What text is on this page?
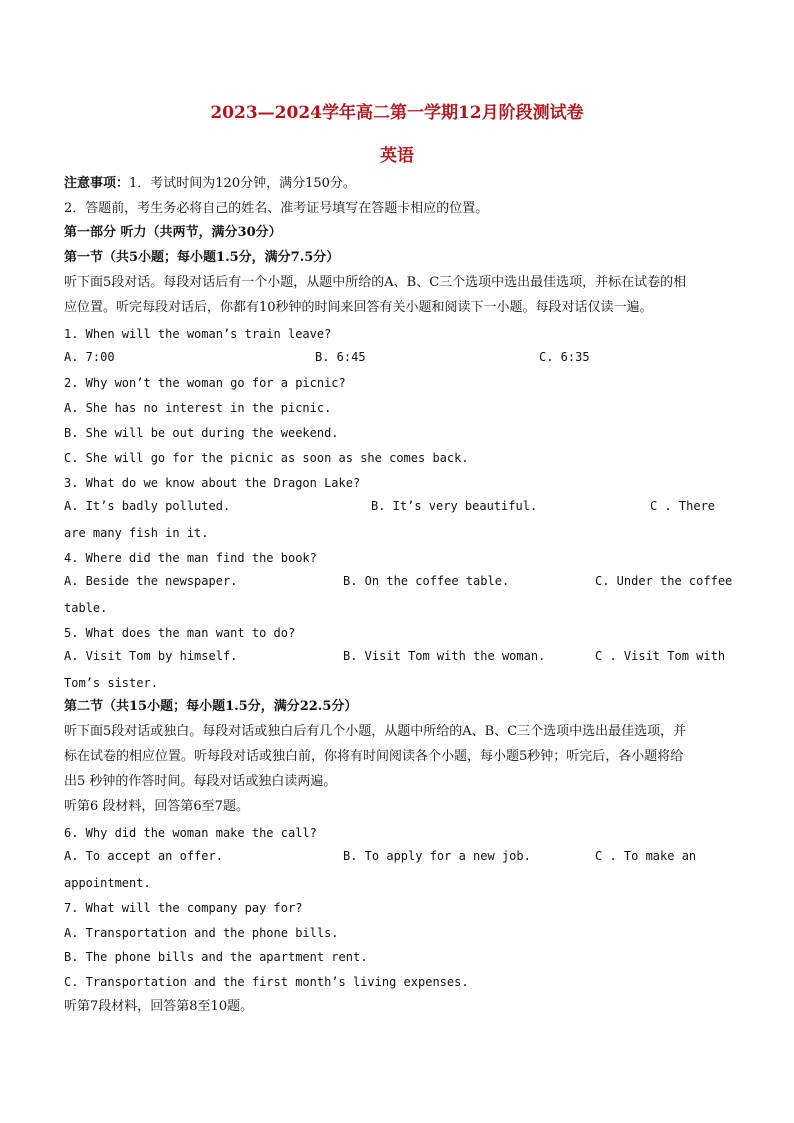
2023—2024学年高二第一学期12月阶段测试卷
英语
注意事项：1．考试时间为120分钟，满分150分。
2．答题前，考生务必将自己的姓名、准考证号填写在答题卡相应的位置。
第一部分 听力（共两节，满分30分）
第一节（共5小题；每小题1.5分，满分7.5分）
听下面5段对话。每段对话后有一个小题，从题中所给的A、B、C三个选项中选出最佳选项，并标在试卷的相
应位置。听完每段对话后，你都有10秒钟的时间来回答有关小题和阅读下一小题。每段对话仅读一遍。
1. When will the woman’s train leave?
A. 7:00	B. 6:45	C. 6:35
2. Why won’t the woman go for a picnic?
A. She has no interest in the picnic.
B. She will be out during the weekend.
C. She will go for the picnic as soon as she comes back.
3. What do we know about the Dragon Lake?
A. It’s badly polluted.	B. It’s very beautiful.	C . There
are many fish in it.
4. Where did the man find the book?
A. Beside the newspaper.	B. On the coffee table.	C. Under the coffee
table.
5. What does the man want to do?
A. Visit Tom by himself.	B. Visit Tom with the woman.	C . Visit Tom with
Tom’s sister.
第二节（共15小题；每小题1.5分，满分22.5分）
听下面5段对话或独白。每段对话或独白后有几个小题，从题中所给的A、B、C三个选项中选出最佳选项，并
标在试卷的相应位置。听每段对话或独白前，你将有时间阅读各个小题，每小题5秒钟；听完后，各小题将给
出5 秒钟的作答时间。每段对话或独白读两遍。
听第6 段材料，回答第6至7题。
6. Why did the woman make the call?
A. To accept an offer.	B. To apply for a new job.	C . To make an
appointment.
7. What will the company pay for?
A. Transportation and the phone bills.
B. The phone bills and the apartment rent.
C. Transportation and the first month’s living expenses.
听第7段材料，回答第8至10题。
